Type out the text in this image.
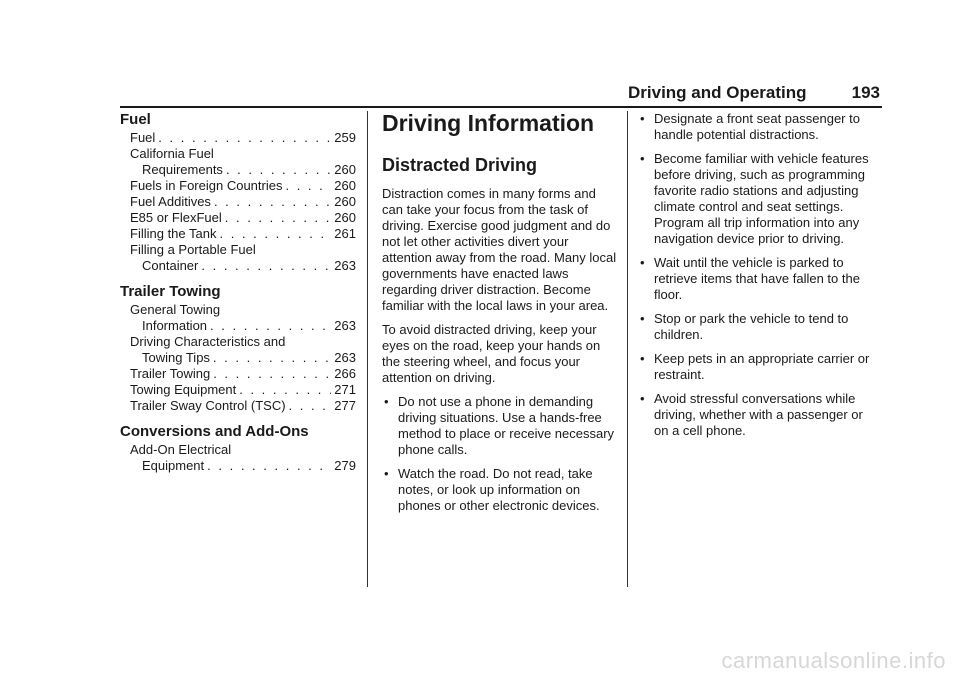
Driving and Operating	193
Fuel
Fuel . . .	259
California Fuel
Requirements . . .	260
Fuels in Foreign Countries . . .	260
Fuel Additives . . .	260
E85 or FlexFuel . . .	260
Filling the Tank . . .	261
Filling a Portable Fuel
Container . . .	263
Trailer Towing
General Towing
Information . . .	263
Driving Characteristics and
Towing Tips . . .	263
Trailer Towing . . .	266
Towing Equipment . . .	271
Trailer Sway Control (TSC) . . .	277
Conversions and Add-Ons
Add-On Electrical
Equipment . . .	279
Driving Information
Distracted Driving

Distraction comes in many forms and can take your focus from the task of driving. Exercise good judgment and do not let other activities divert your attention away from the road. Many local governments have enacted laws regarding driver distraction. Become familiar with the local laws in your area.

To avoid distracted driving, keep your eyes on the road, keep your hands on the steering wheel, and focus your attention on driving.

• Do not use a phone in demanding driving situations. Use a hands-free method to place or receive necessary phone calls.
• Watch the road. Do not read, take notes, or look up information on phones or other electronic devices.
• Designate a front seat passenger to handle potential distractions.
• Become familiar with vehicle features before driving, such as programming favorite radio stations and adjusting climate control and seat settings. Program all trip information into any navigation device prior to driving.
• Wait until the vehicle is parked to retrieve items that have fallen to the floor.
• Stop or park the vehicle to tend to children.
• Keep pets in an appropriate carrier or restraint.
• Avoid stressful conversations while driving, whether with a passenger or on a cell phone.
carmanualsonline.info
